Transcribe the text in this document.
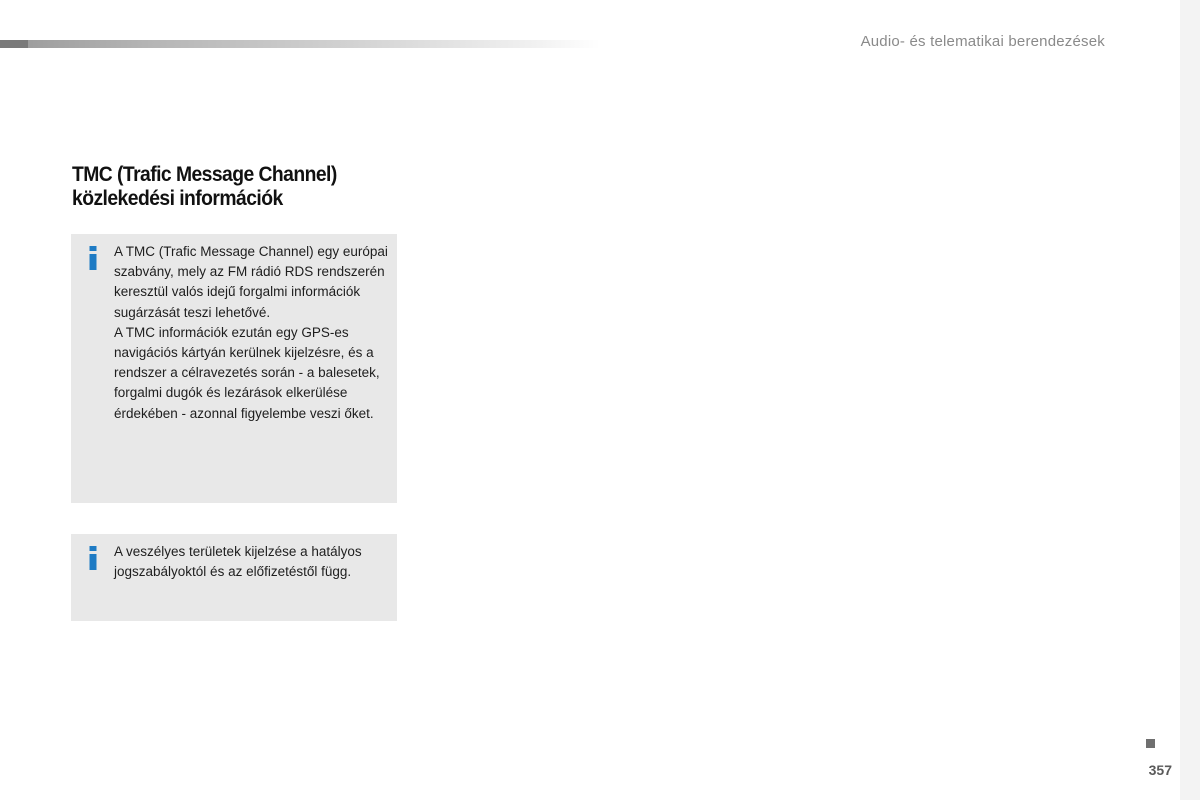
Audio- és telematikai berendezések
TMC (Trafic Message Channel)
közlekedési információk

A TMC (Trafic Message Channel) egy európai szabvány, mely az FM rádió RDS rendszerén keresztül valós idejű forgalmi információk sugárzását teszi lehetővé.

A TMC információk ezután egy GPS-es navigációs kártyán kerülnek kijelzésre, és a rendszer a célravezetés során - a balesetek, forgalmi dugók és lezárások elkerülése érdekében - azonnal figyelembe veszi őket.

A veszélyes területek kijelzése a hatályos jogszabályoktól és az előfizetéstől függ.

357
